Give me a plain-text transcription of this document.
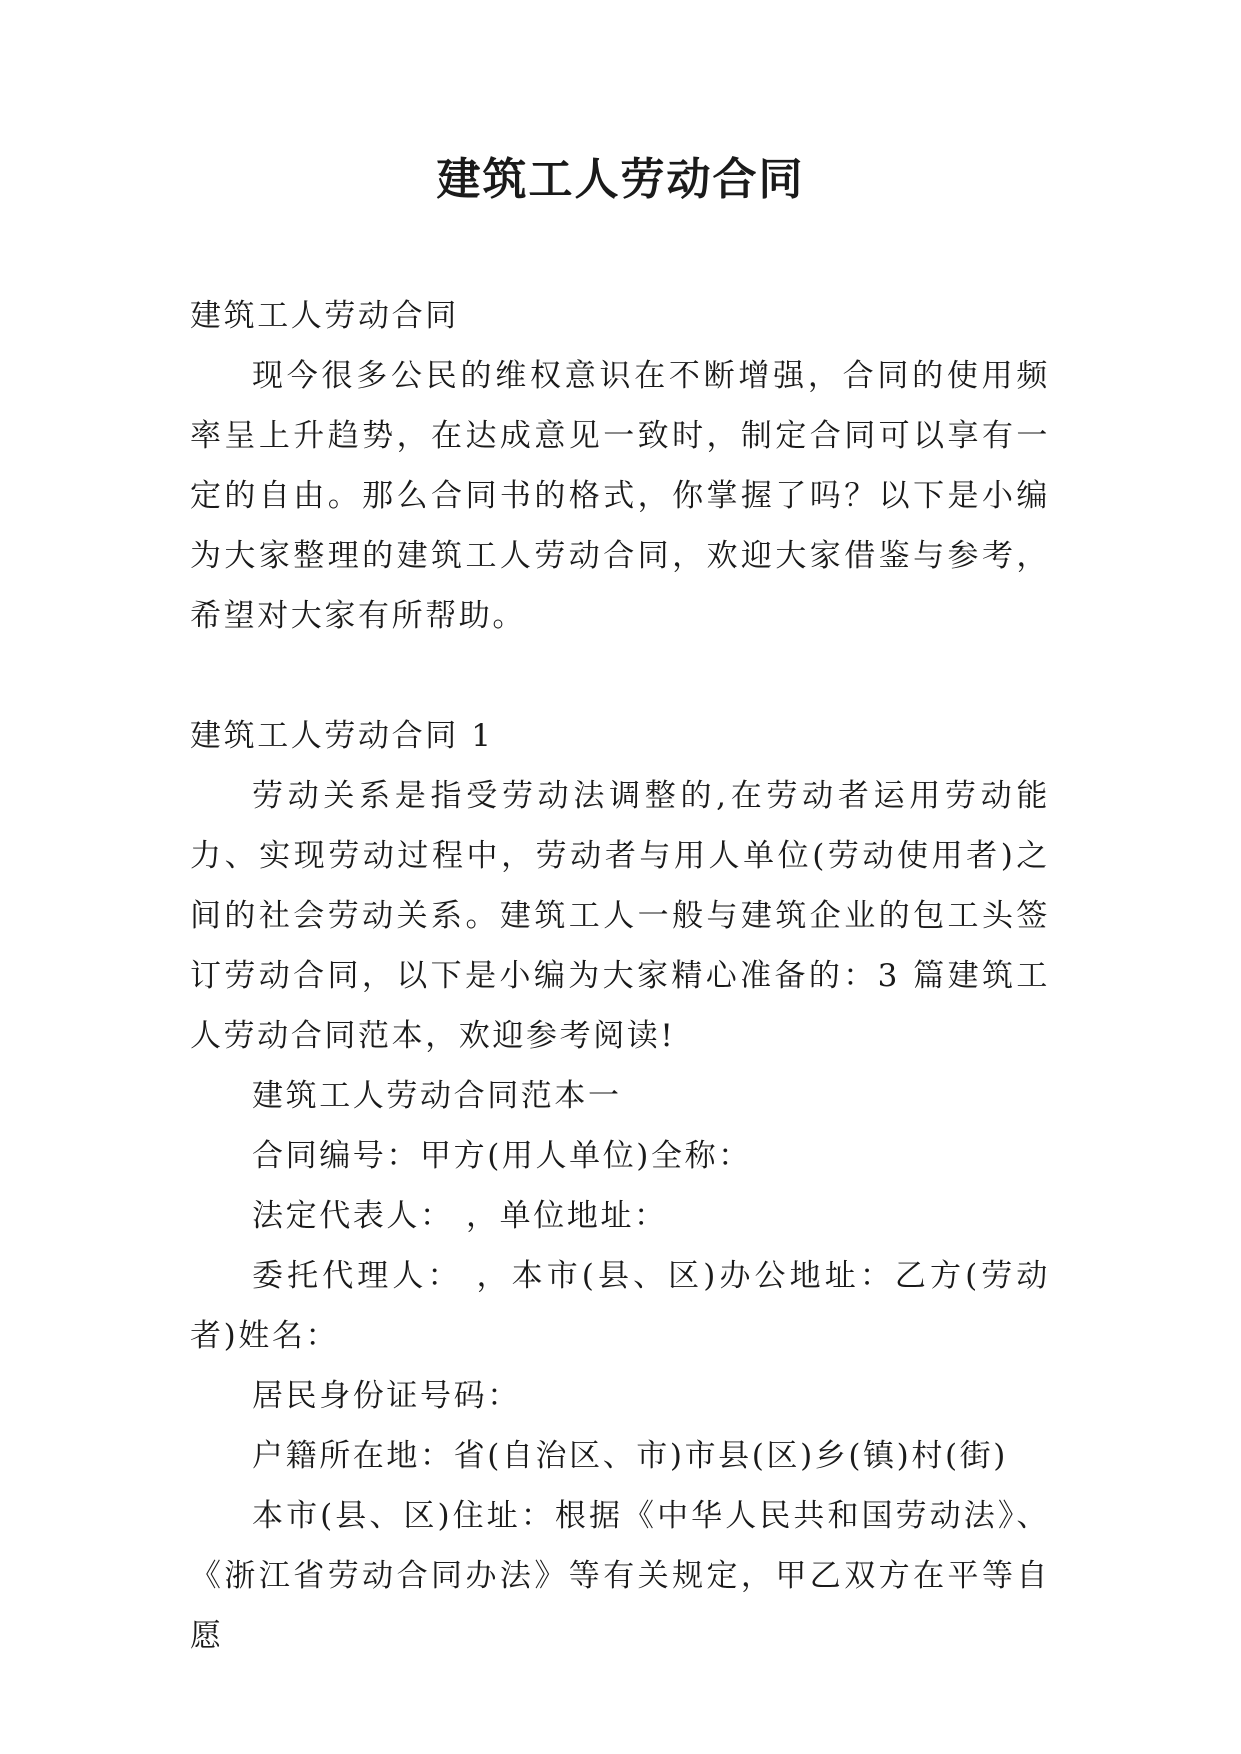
建筑工人劳动合同

建筑工人劳动合同

现今很多公民的维权意识在不断增强，合同的使用频率呈上升趋势，在达成意见一致时，制定合同可以享有一定的自由。那么合同书的格式，你掌握了吗？以下是小编为大家整理的建筑工人劳动合同，欢迎大家借鉴与参考，希望对大家有所帮助。

建筑工人劳动合同 1

劳动关系是指受劳动法调整的,在劳动者运用劳动能力、实现劳动过程中，劳动者与用人单位(劳动使用者)之间的社会劳动关系。建筑工人一般与建筑企业的包工头签订劳动合同，以下是小编为大家精心准备的：3 篇建筑工人劳动合同范本，欢迎参考阅读!

建筑工人劳动合同范本一

合同编号：甲方(用人单位)全称：

法定代表人： ，单位地址：

委托代理人： ，本市(县、区)办公地址：乙方(劳动者)姓名：

居民身份证号码：

户籍所在地：省(自治区、市)市县(区)乡(镇)村(街)

本市(县、区)住址：根据《中华人民共和国劳动法》、《浙江省劳动合同办法》等有关规定，甲乙双方在平等自愿
